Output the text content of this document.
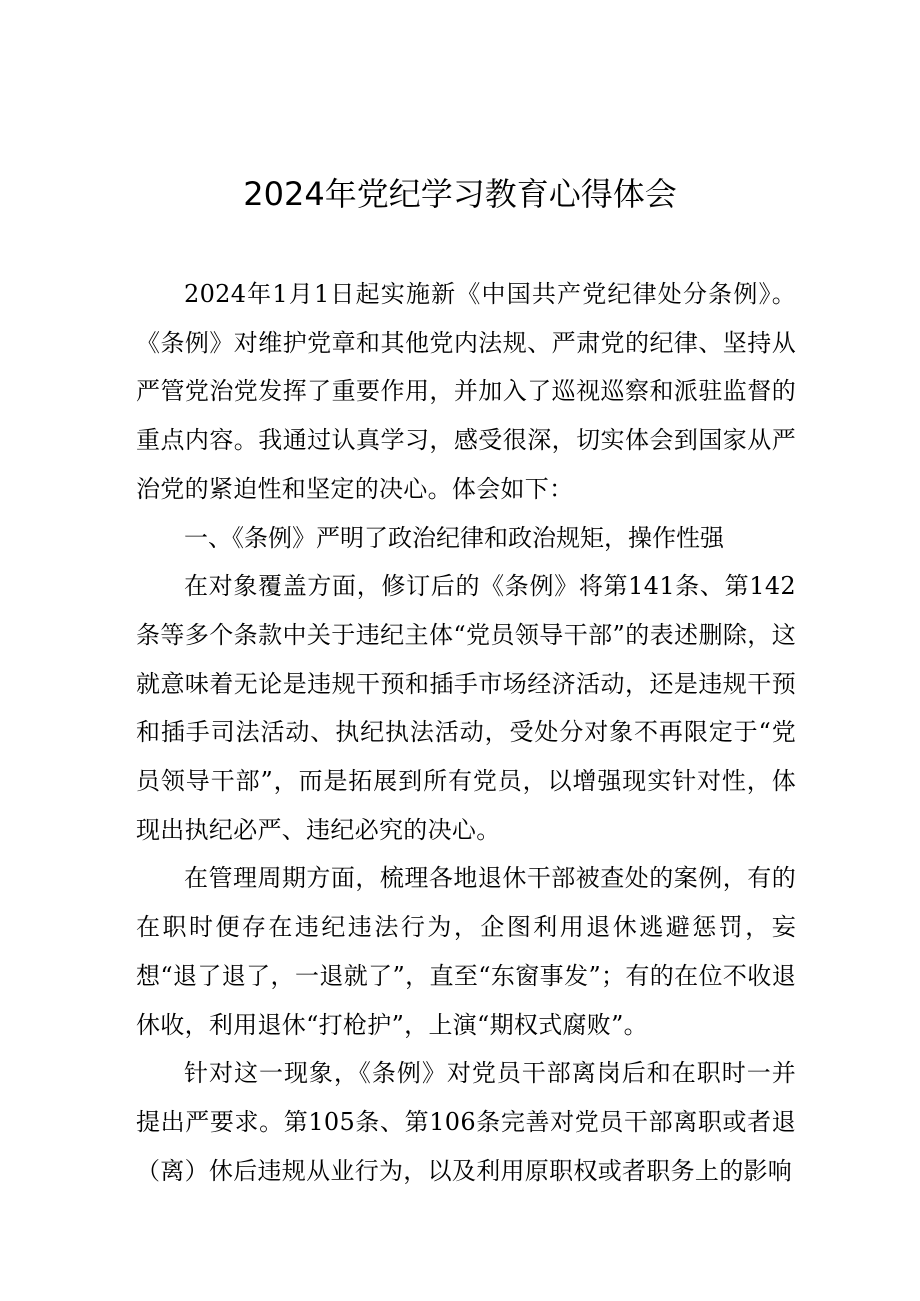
2024年党纪学习教育心得体会

2024年1月1日起实施新《中国共产党纪律处分条例》。《条例》对维护党章和其他党内法规、严肃党的纪律、坚持从严管党治党发挥了重要作用，并加入了巡视巡察和派驻监督的重点内容。我通过认真学习，感受很深，切实体会到国家从严治党的紧迫性和坚定的决心。体会如下：

一、《条例》严明了政治纪律和政治规矩，操作性强

在对象覆盖方面，修订后的《条例》将第141条、第142条等多个条款中关于违纪主体“党员领导干部”的表述删除，这就意味着无论是违规干预和插手市场经济活动，还是违规干预和插手司法活动、执纪执法活动，受处分对象不再限定于“党员领导干部”，而是拓展到所有党员，以增强现实针对性，体现出执纪必严、违纪必究的决心。

在管理周期方面，梳理各地退休干部被查处的案例，有的在职时便存在违纪违法行为，企图利用退休逃避惩罚，妄想“退了退了，一退就了”，直至“东窗事发”；有的在位不收退休收，利用退休“打枪护”，上演“期权式腐败”。

针对这一现象，《条例》对党员干部离岗后和在职时一并提出严要求。第105条、第106条完善对党员干部离职或者退（离）休后违规从业行为，以及利用原职权或者职务上的影响
